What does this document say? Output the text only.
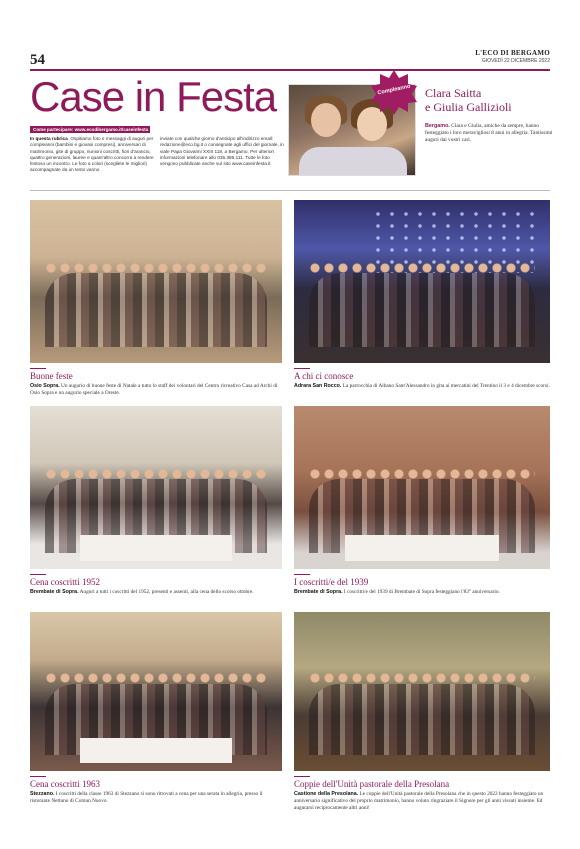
54	L'ECO DI BERGAMO
GIOVEDÌ 22 DICEMBRE 2022
Case in Festa
Come partecipare: www.ecodibergamo.it/caseinfesta
In questa rubrica. Ospitiamo foto e messaggi di auguri per compleanni (bambini e giovani compresi), anniversari di matrimonio, gite di gruppo, riunioni coscritti, fiori d'arancio, quattro generazioni, lauree e quant'altro concorra a rendere festoso un incontro. Le foto a colori (scegliete le migliori) accompagnate da un testo vanno
inviate con qualche giorno d'anticipo all'indirizzo email: redazione@eco.bg.it o consegnate agli uffici del giornale, in viale Papa Giovanni XXIII 118, a Bergamo. Per ulteriori informazioni telefonare allo 035.386.111. Tutte le foto vengono pubblicate anche sul sito www.caseinfesta.it
Compleanno	Clara Saitta
e Giulia Gallizioli
Bergamo. Clara e Giulia, amiche da sempre, hanno festeggiato i loro meravigliosi 8 anni in allegria. Tantissimi auguri dai vostri cari.
Buone feste
Osio Sopra. Un augurio di buone feste di Natale a tutto lo staff dei volontari del Centro ricreativo Casa ad Archi di Osio Sopra e un augurio speciale a Oreste.
A chi ci conosce
Adrara San Rocco. La parrocchia di Albano Sant'Alessandro in gita ai mercatini del Trentino il 3 e 4 dicembre scorsi.
Cena coscritti 1952
Brembate di Sopra. Auguri a tutti i coscritti del 1952, presenti e assenti, alla cena dello scorso ottobre.
I coscritti/e del 1939
Brembate di Sopra. I coscritti/e del 1939 di Brembate di Sopra festeggiano l'83° anniversario.
Cena coscritti 1963
Stezzano. I coscritti della classe 1963 di Stezzano si sono ritrovati a cena per una serata in allegria, presso il ristorante Nettuno di Comun Nuovo.
Coppie dell'Unità pastorale della Presolana
Castione della Presolana. Le coppie dell'Unità pastorale della Presolana che in questo 2022 hanno festeggiato un anniversario significativo del proprio matrimonio, hanno voluto ringraziare il Signore per gli anni vissuti insieme. Ed augurarsi reciprocamente altri anni!
